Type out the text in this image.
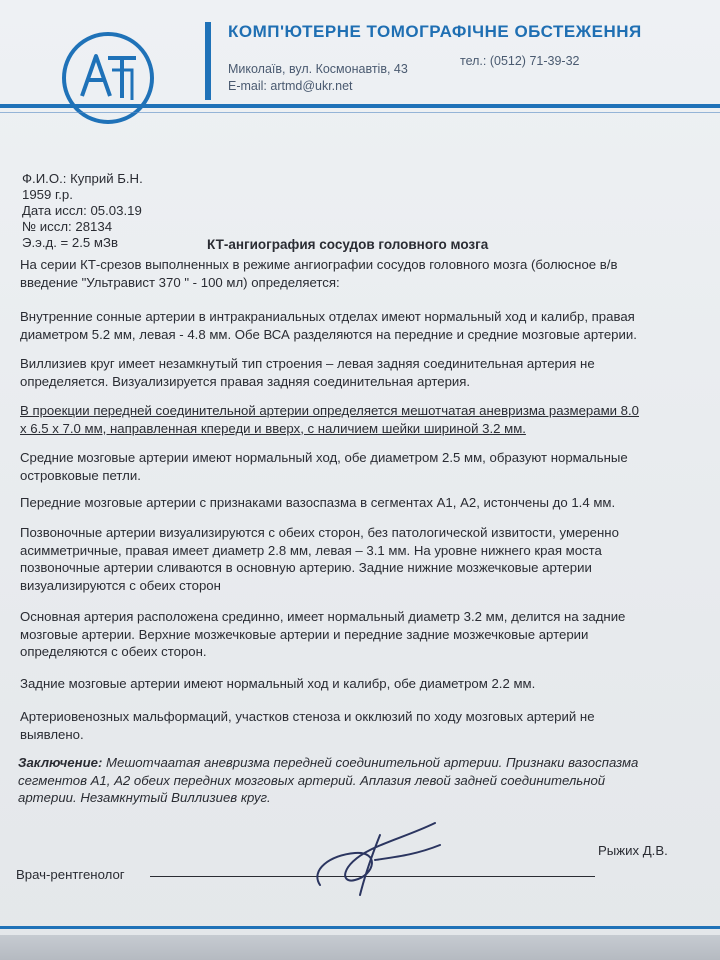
КОМП'ЮТЕРНЕ ТОМОГРАФІЧНЕ ОБСТЕЖЕННЯ
Миколаїв, вул. Космонавтів, 43
тел.: (0512) 71-39-32
E-mail: artmd@ukr.net
Ф.И.О.: Куприй Б.Н.
1959 г.р.
Дата иссл: 05.03.19
№ иссл: 28134
Э.э.д. = 2.5 мЗв	КТ-ангиография сосудов головного мозга
На серии КТ-срезов выполненных в режиме ангиографии сосудов головного мозга (болюсное в/в
введение "Ультравист 370 " - 100 мл) определяется:
Внутренние сонные артерии в интракраниальных отделах имеют нормальный ход и калибр, правая
диаметром 5.2 мм, левая - 4.8 мм. Обе ВСА разделяются на передние и средние мозговые артерии.
Виллизиев круг имеет незамкнутый тип строения – левая задняя соединительная артерия не
определяется. Визуализируется правая задняя соединительная артерия.
В проекции передней соединительной артерии определяется мешотчатая аневризма размерами 8.0
х 6.5 х 7.0 мм, направленная кпереди и вверх, с наличием шейки шириной 3.2 мм.
Средние мозговые артерии имеют нормальный ход, обе диаметром 2.5 мм, образуют нормальные
островковые петли.
Передние мозговые артерии с признаками вазоспазма в сегментах А1, А2, истончены до 1.4 мм.
Позвоночные артерии визуализируются с обеих сторон, без патологической извитости, умеренно
асимметричные, правая имеет диаметр 2.8 мм, левая – 3.1 мм. На уровне нижнего края моста
позвоночные артерии сливаются в основную артерию. Задние нижние мозжечковые артерии
визуализируются с обеих сторон
Основная артерия расположена срединно, имеет нормальный диаметр 3.2 мм, делится на задние
мозговые артерии. Верхние мозжечковые артерии и передние задние мозжечковые артерии
определяются с обеих сторон.
Задние мозговые артерии имеют нормальный ход и калибр, обе диаметром 2.2 мм.
Артериовенозных мальформаций, участков стеноза и окклюзий по ходу мозговых артерий не
выявлено.
Заключение: Мешотчаатая аневризма передней соединительной артерии. Признаки вазоспазма
сегментов А1, А2 обеих передних мозговых артерий. Аплазия левой задней соединительной
артерии. Незамкнутый Виллизиев круг.
Врач-рентгенолог
Рыжих Д.В.
